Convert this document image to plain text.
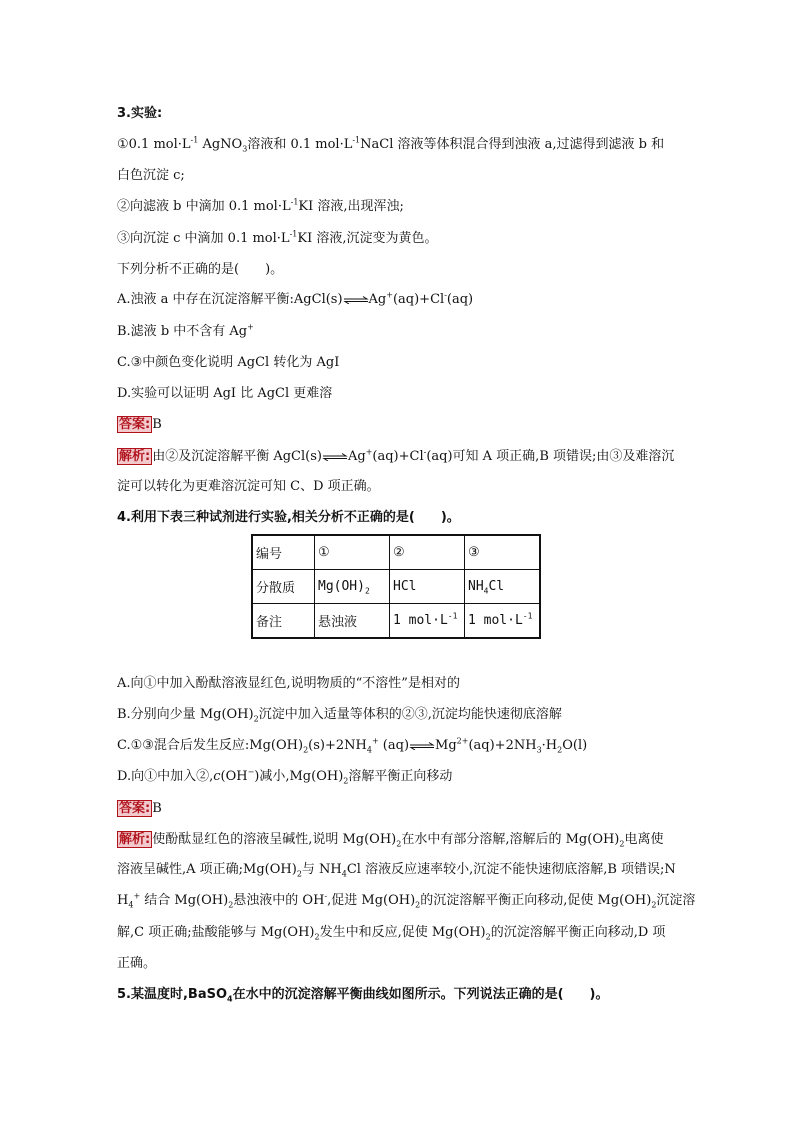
3.实验:
①0.1 $mol\cdot L^{-1}$ AgNO$_3$溶液和 0.1 $mol\cdot L^{-1}NaCl$ 溶液等体积混合得到浊液 a,过滤得到滤液 b 和
白色沉淀 c;
②向滤液 b 中滴加 0.1 $mol\cdot L^{-1}KI$ 溶液,出现浑浊;
③向沉淀 c 中滴加 0.1 $mol\cdot L^{-1}KI$ 溶液,沉淀变为黄色。
下列分析不正确的是(　　)。
A.浊液 a 中存在沉淀溶解平衡:AgCl(s)⇌Ag+(aq)+Cl-(aq)
B.滤液 b 中不含有 Ag+
C.③中颜色变化说明 AgCl 转化为 AgI
D.实验可以证明 AgI 比 AgCl 更难溶
答案: B
解析: 由②及沉淀溶解平衡 AgCl(s)⇌Ag+(aq)+Cl-(aq)可知 A 项正确,B 项错误;由③及难溶沉
淀可以转化为更难溶沉淀可知 C、D 项正确。
4.利用下表三种试剂进行实验,相关分析不正确的是(　　)。
编号	①	②	③
分散质	$Mg(OH)_2$	HCl	$NH_4Cl$
备注	悬浊液	1 $mol\cdot L^{-1}$	1 $mol\cdot L^{-1}$
A.向①中加入酚酞溶液显红色,说明物质的“不溶性”是相对的
B.分别向少量 $Mg(OH)_2$沉淀中加入适量等体积的②③,沉淀均能快速彻底溶解
C.①③混合后发生反应$:Mg(OH)_2(s)+2NH_4^+$ $(aq)\rightleftharpoons Mg^{2+}(aq)+2NH_3\cdot H_2O(l)$
D.向①中加入②,c(OH−)减小$,Mg(OH)_2$溶解平衡正向移动
答案: B
解析: 使酚酞显红色的溶液呈碱性,说明 $Mg(OH)_2$在水中有部分溶解,溶解后的 $Mg(OH)_2$电离使
溶液呈碱性,A 项正确$;Mg(OH)_2$与 $NH_4Cl$ 溶液反应速率较小,沉淀不能快速彻底溶解,B 项错误;N
$H_4^+$ 结合 $Mg(OH)_2$悬浊液中的 OH-,促进 $Mg(OH)_2$的沉淀溶解平衡正向移动,促使 $Mg(OH)_2$沉淀溶
解,C 项正确;盐酸能够与 $Mg(OH)_2$发生中和反应,促使 $Mg(OH)_2$的沉淀溶解平衡正向移动,D 项
正确。
5.某温度时,BaSO$_4$在水中的沉淀溶解平衡曲线如图所示。下列说法正确的是(　　)。
